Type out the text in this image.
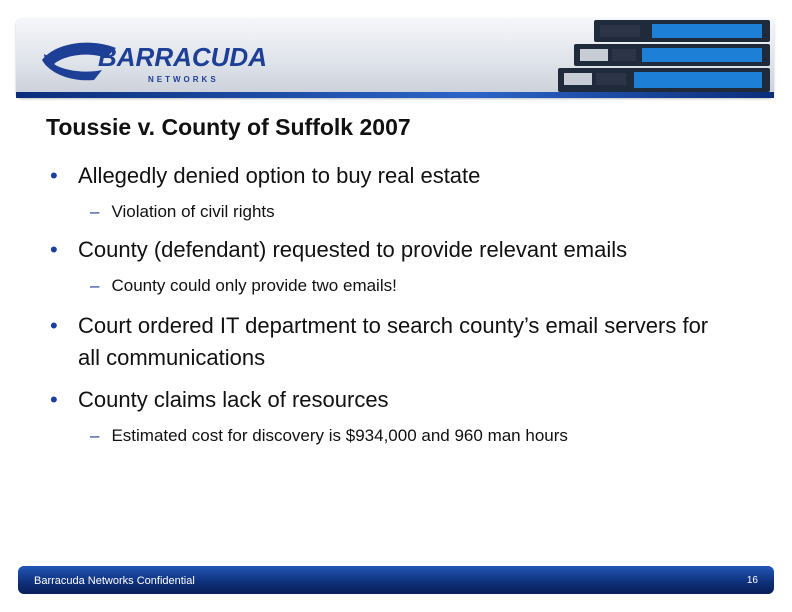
BARRACUDA
NETWORKS
Toussie v. County of Suffolk 2007
• Allegedly denied option to buy real estate
– Violation of civil rights
• County (defendant) requested to provide relevant emails
– County could only provide two emails!
• Court ordered IT department to search county’s email servers for all communications
• County claims lack of resources
– Estimated cost for discovery is $934,000 and 960 man hours
Barracuda Networks Confidential	16
